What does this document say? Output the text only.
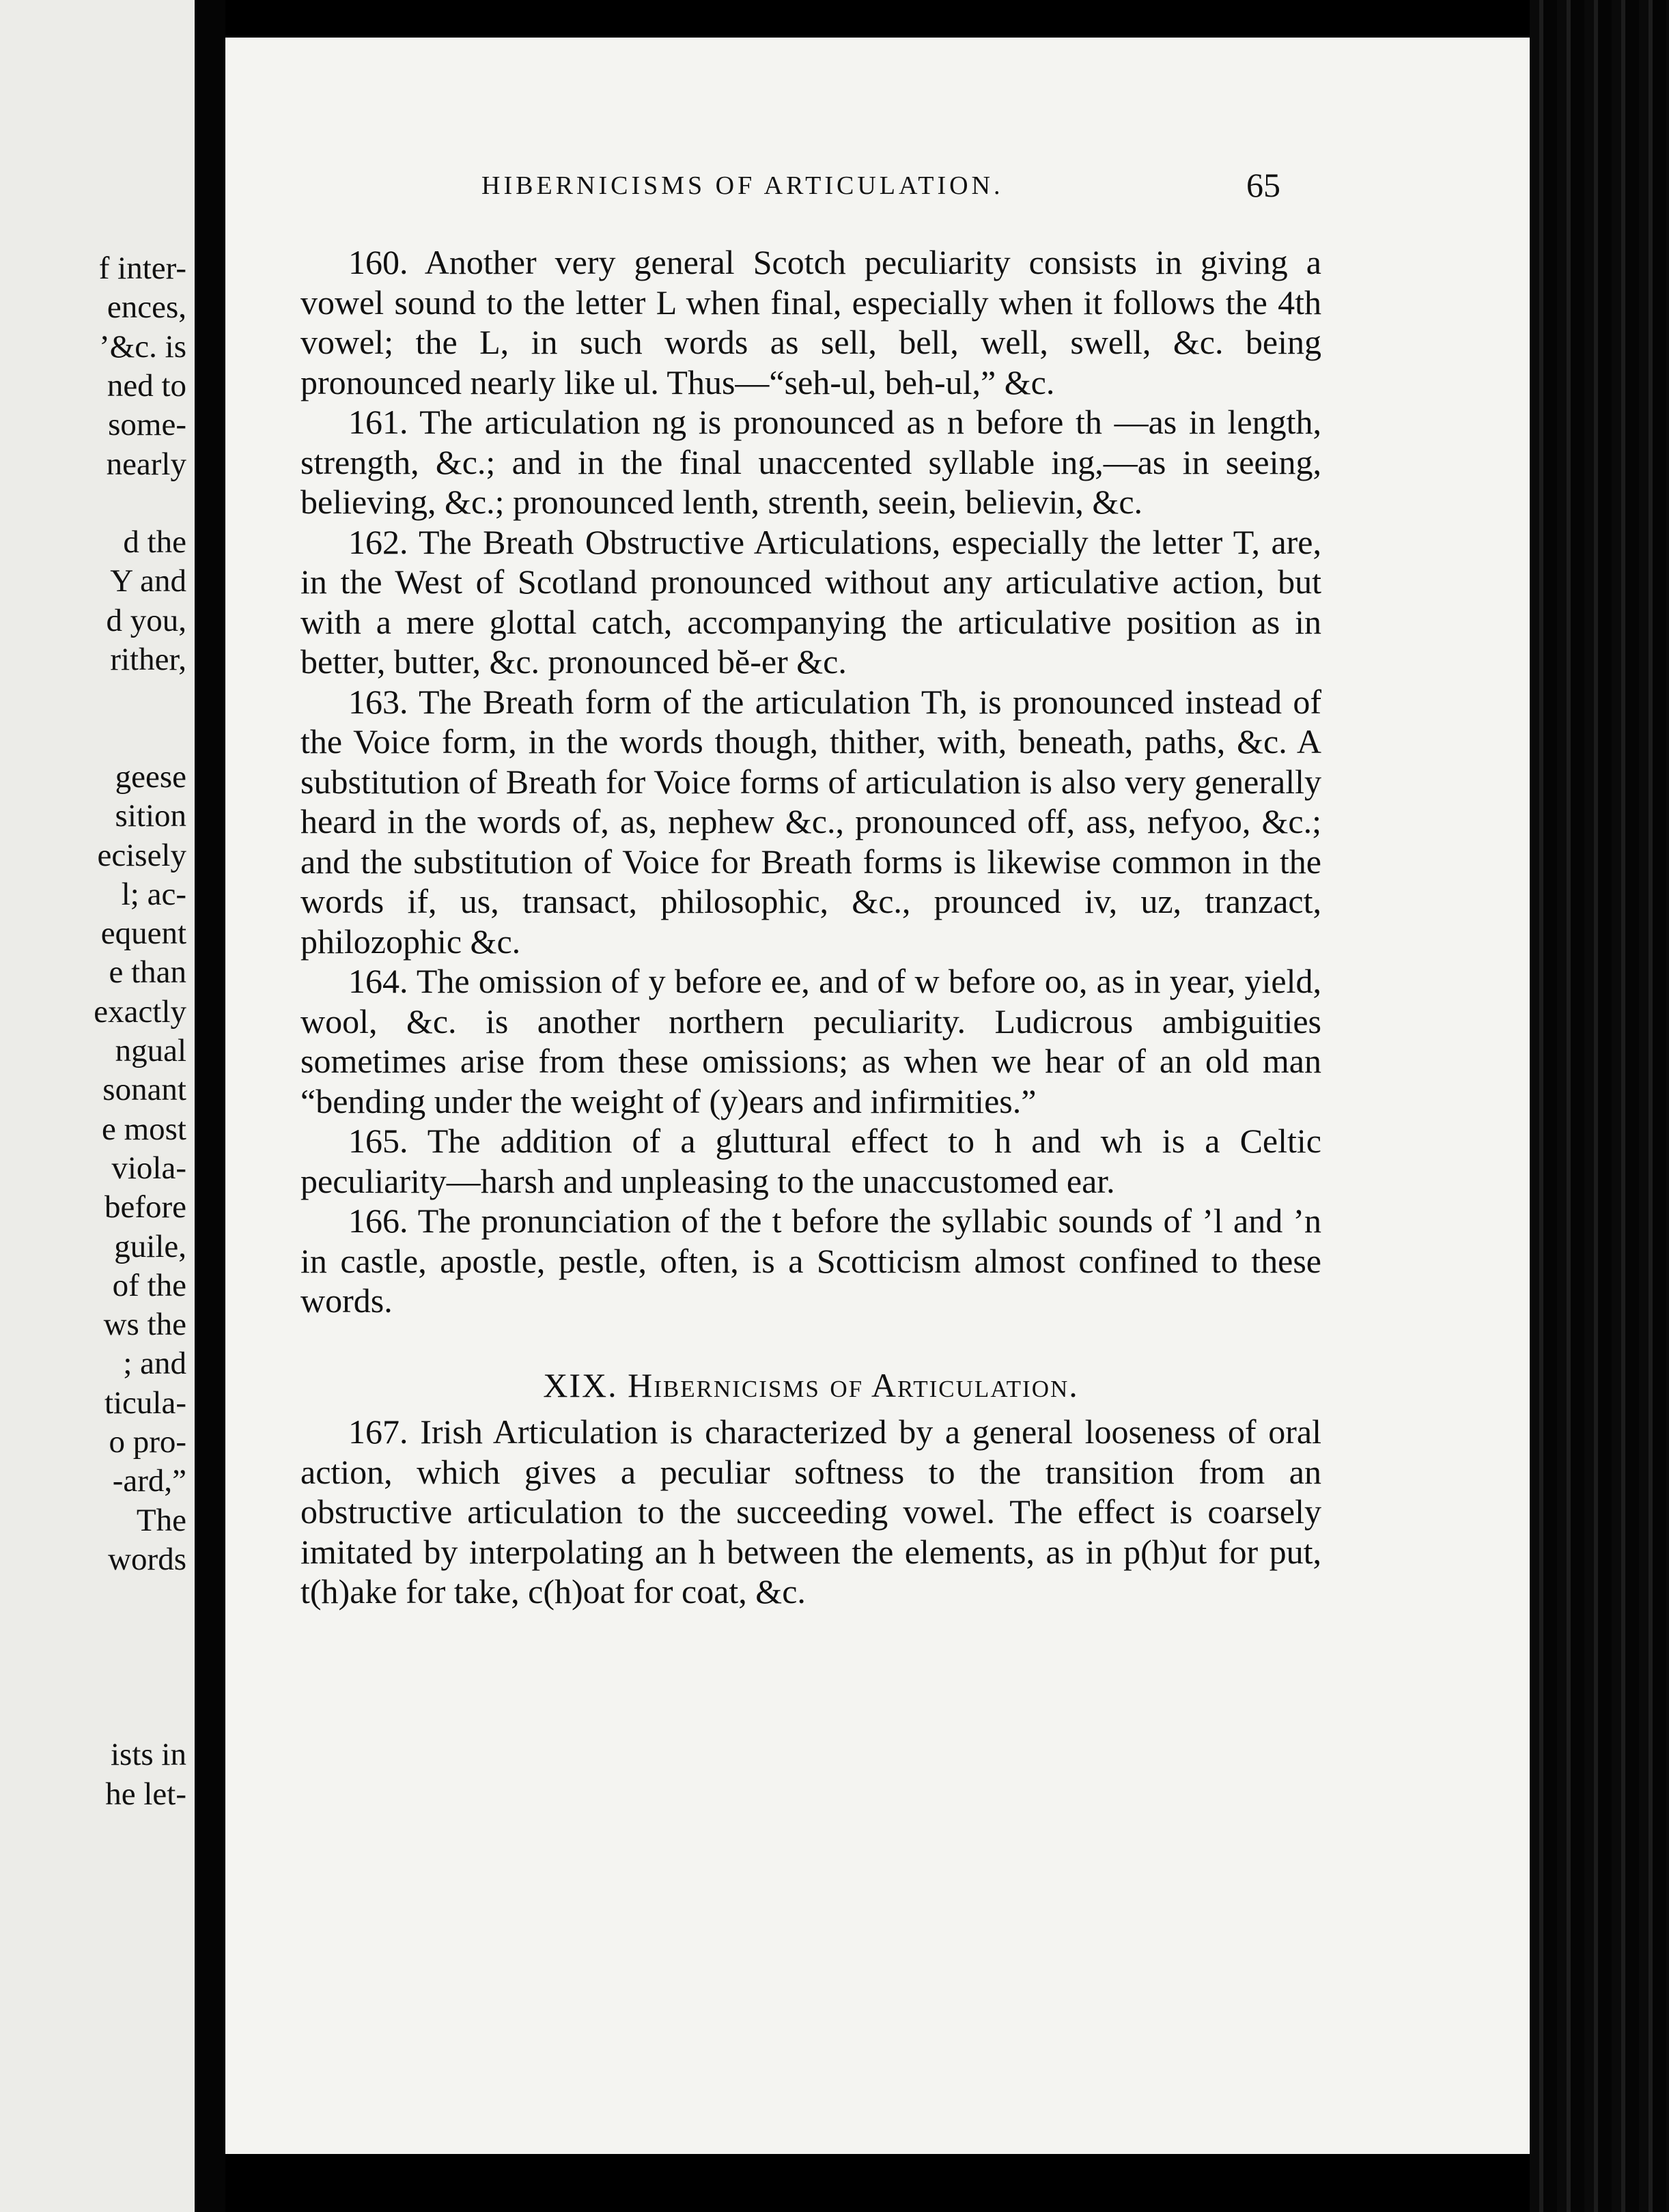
f inter-
ences,
’&c. is
ned to
some-
nearly
d the
Y and
d you,
rither,
geese
sition
ecisely
l; ac-
equent
e than
exactly
ngual
sonant
e most
viola-
before
guile,
of the
ws the
; and
ticula-
o pro-
-ard,”
The
words
ists in
he let-
HIBERNICISMS OF ARTICULATION.	65

160. Another very general Scotch peculiarity consists in giving a vowel sound to the letter L when final, especially when it follows the 4th vowel; the L, in such words as sell, bell, well, swell, &c. being pronounced nearly like ul. Thus—“seh-ul, beh-ul,” &c.

161. The articulation ng is pronounced as n before th —as in length, strength, &c.; and in the final unaccented syllable ing,—as in seeing, believing, &c.; pronounced lenth, strenth, seein, believin, &c.

162. The Breath Obstructive Articulations, especially the letter T, are, in the West of Scotland pronounced without any articulative action, but with a mere glottal catch, accompanying the articulative position as in better, butter, &c. pronounced bĕ-er &c.

163. The Breath form of the articulation Th, is pronounced instead of the Voice form, in the words though, thither, with, beneath, paths, &c. A substitution of Breath for Voice forms of articulation is also very generally heard in the words of, as, nephew &c., pronounced off, ass, nefyoo, &c.; and the substitution of Voice for Breath forms is likewise common in the words if, us, transact, philosophic, &c., prounced iv, uz, tranzact, philozophic &c.

164. The omission of y before ee, and of w before oo, as in year, yield, wool, &c. is another northern peculiarity. Ludicrous ambiguities sometimes arise from these omissions; as when we hear of an old man “bending under the weight of (y)ears and infirmities.”

165. The addition of a gluttural effect to h and wh is a Celtic peculiarity—harsh and unpleasing to the unaccustomed ear.

166. The pronunciation of the t before the syllabic sounds of ’l and ’n in castle, apostle, pestle, often, is a Scotticism almost confined to these words.

XIX. Hibernicisms of Articulation.

167. Irish Articulation is characterized by a general looseness of oral action, which gives a peculiar softness to the transition from an obstructive articulation to the succeeding vowel. The effect is coarsely imitated by interpolating an h between the elements, as in p(h)ut for put, t(h)ake for take, c(h)oat for coat, &c.
